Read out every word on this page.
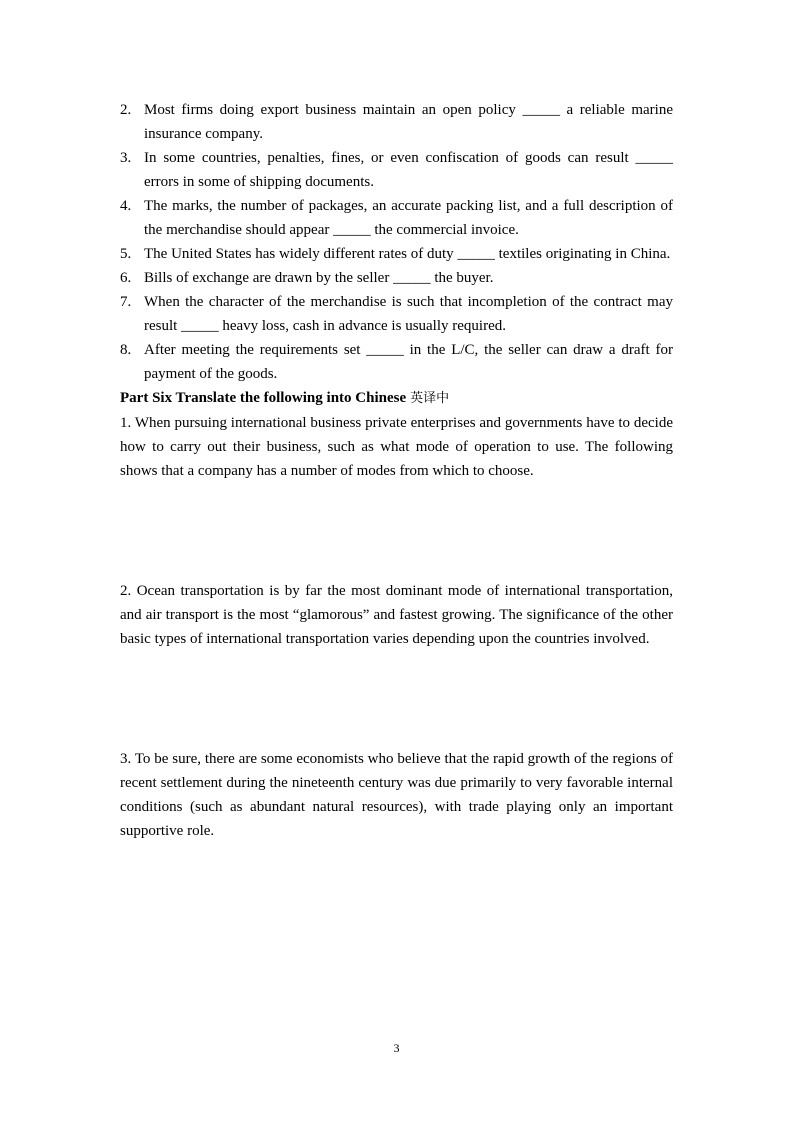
2. Most firms doing export business maintain an open policy _____ a reliable marine insurance company.
3. In some countries, penalties, fines, or even confiscation of goods can result _____ errors in some of shipping documents.
4. The marks, the number of packages, an accurate packing list, and a full description of the merchandise should appear _____ the commercial invoice.
5. The United States has widely different rates of duty _____ textiles originating in China.
6. Bills of exchange are drawn by the seller _____ the buyer.
7. When the character of the merchandise is such that incompletion of the contract may result _____ heavy loss, cash in advance is usually required.
8. After meeting the requirements set _____ in the L/C, the seller can draw a draft for payment of the goods.

Part Six Translate the following into Chinese 英译中

1. When pursuing international business private enterprises and governments have to decide how to carry out their business, such as what mode of operation to use. The following shows that a company has a number of modes from which to choose.

2. Ocean transportation is by far the most dominant mode of international transportation, and air transport is the most “glamorous” and fastest growing. The significance of the other basic types of international transportation varies depending upon the countries involved.

3. To be sure, there are some economists who believe that the rapid growth of the regions of recent settlement during the nineteenth century was due primarily to very favorable internal conditions (such as abundant natural resources), with trade playing only an important supportive role.

3
